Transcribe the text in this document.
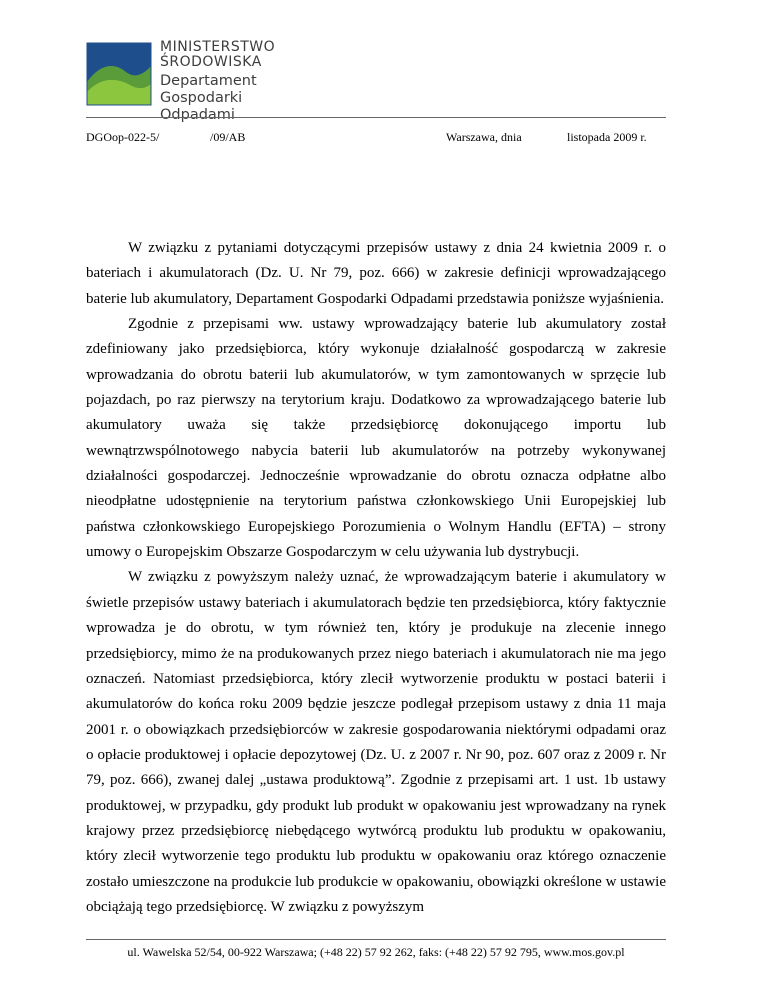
MINISTERSTWO
ŚRODOWISKA
Departament Gospodarki
Odpadami
DGOop-022-5/	/09/AB	Warszawa, dnia	listopada 2009 r.

W związku z pytaniami dotyczącymi przepisów ustawy z dnia 24 kwietnia 2009 r. o bateriach i akumulatorach (Dz. U. Nr 79, poz. 666) w zakresie definicji wprowadzającego baterie lub akumulatory, Departament Gospodarki Odpadami przedstawia poniższe wyjaśnienia.

Zgodnie z przepisami ww. ustawy wprowadzający baterie lub akumulatory został zdefiniowany jako przedsiębiorca, który wykonuje działalność gospodarczą w zakresie wprowadzania do obrotu baterii lub akumulatorów, w tym zamontowanych w sprzęcie lub pojazdach, po raz pierwszy na terytorium kraju. Dodatkowo za wprowadzającego baterie lub akumulatory uważa się także przedsiębiorcę dokonującego importu lub wewnątrzwspólnotowego nabycia baterii lub akumulatorów na potrzeby wykonywanej działalności gospodarczej. Jednocześnie wprowadzanie do obrotu oznacza odpłatne albo nieodpłatne udostępnienie na terytorium państwa członkowskiego Unii Europejskiej lub państwa członkowskiego Europejskiego Porozumienia o Wolnym Handlu (EFTA) – strony umowy o Europejskim Obszarze Gospodarczym w celu używania lub dystrybucji.

W związku z powyższym należy uznać, że wprowadzającym baterie i akumulatory w świetle przepisów ustawy bateriach i akumulatorach będzie ten przedsiębiorca, który faktycznie wprowadza je do obrotu, w tym również ten, który je produkuje na zlecenie innego przedsiębiorcy, mimo że na produkowanych przez niego bateriach i akumulatorach nie ma jego oznaczeń. Natomiast przedsiębiorca, który zlecił wytworzenie produktu w postaci baterii i akumulatorów do końca roku 2009 będzie jeszcze podlegał przepisom ustawy z dnia 11 maja 2001 r. o obowiązkach przedsiębiorców w zakresie gospodarowania niektórymi odpadami oraz o opłacie produktowej i opłacie depozytowej (Dz. U. z 2007 r. Nr 90, poz. 607 oraz z 2009 r. Nr 79, poz. 666), zwanej dalej „ustawa produktową”. Zgodnie z przepisami art. 1 ust. 1b ustawy produktowej, w przypadku, gdy produkt lub produkt w opakowaniu jest wprowadzany na rynek krajowy przez przedsiębiorcę niebędącego wytwórcą produktu lub produktu w opakowaniu, który zlecił wytworzenie tego produktu lub produktu w opakowaniu oraz którego oznaczenie zostało umieszczone na produkcie lub produkcie w opakowaniu, obowiązki określone w ustawie obciążają tego przedsiębiorcę. W związku z powyższym

ul. Wawelska 52/54, 00-922 Warszawa; (+48 22) 57 92 262, faks: (+48 22) 57 92 795, www.mos.gov.pl
